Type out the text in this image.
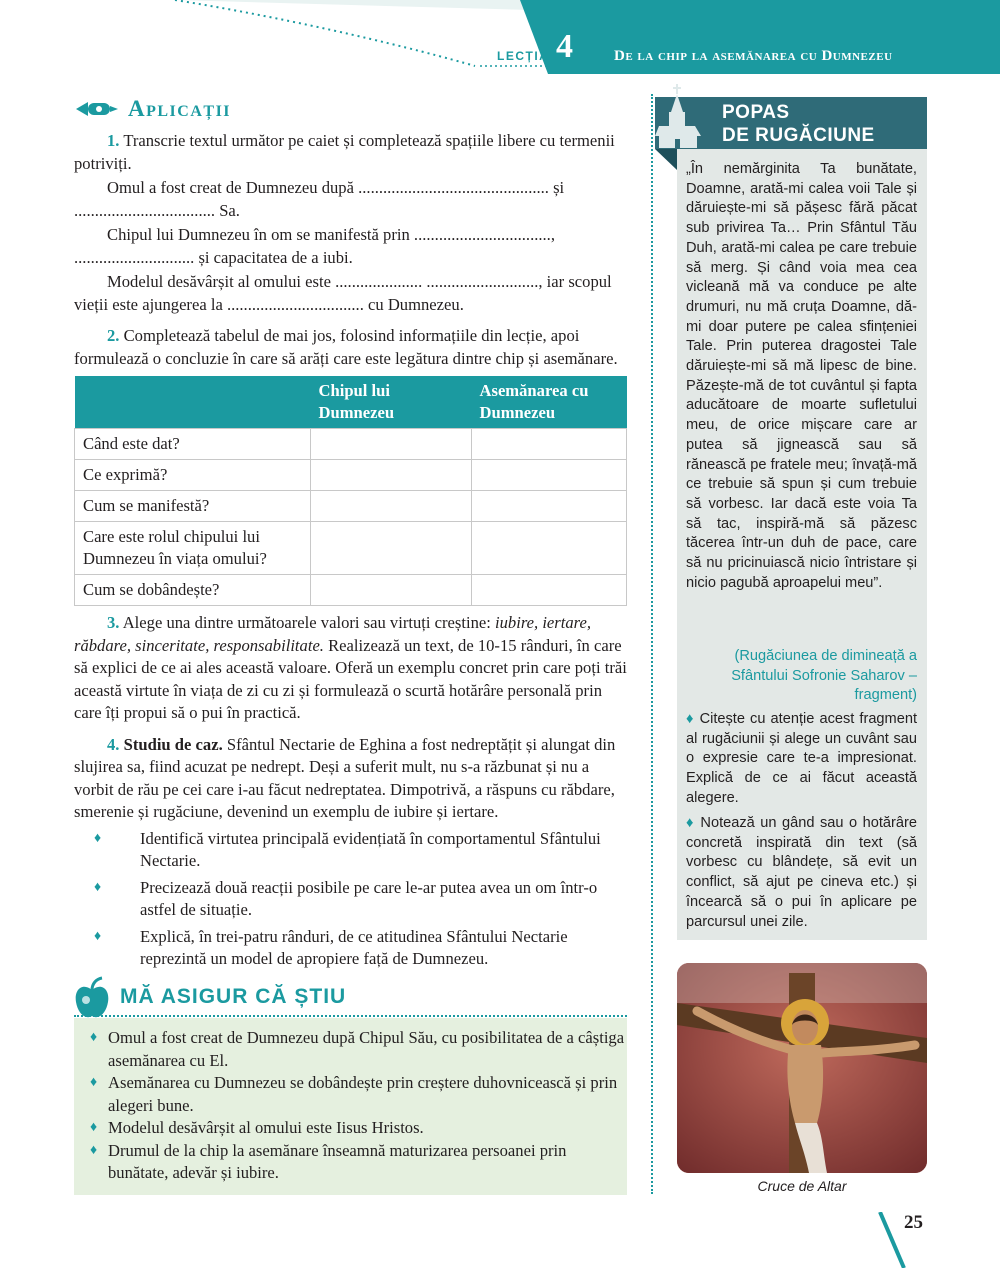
LECȚIA 4	De la chip la asemănarea cu Dumnezeu
Aplicații

1. Transcrie textul următor pe caiet și completează spațiile libere cu termenii potriviți.

Omul a fost creat de Dumnezeu după .............................................. și .................................. Sa.

Chipul lui Dumnezeu în om se manifestă prin ................................., ............................. și capacitatea de a iubi.

Modelul desăvârșit al omului este ..................... ..........................., iar scopul vieții este ajungerea la ................................. cu Dumnezeu.

2. Completează tabelul de mai jos, folosind informațiile din lecție, apoi formulează o concluzie în care să arăți care este legătura dintre chip și asemănare.

	Chipul lui Dumnezeu	Asemănarea cu Dumnezeu
Când este dat?		
Ce exprimă?		
Cum se manifestă?		
Care este rolul chipului lui Dumnezeu în viața omului?		
Cum se dobândește?		

3. Alege una dintre următoarele valori sau virtuți creștine: iubire, iertare, răbdare, sinceritate, responsabilitate. Realizează un text, de 10-15 rânduri, în care să explici de ce ai ales această valoare. Oferă un exemplu concret prin care poți trăi această virtute în viața de zi cu zi și formulează o scurtă hotărâre personală prin care îți propui să o pui în practică.

4. Studiu de caz. Sfântul Nectarie de Eghina a fost nedreptățit și alungat din slujirea sa, fiind acuzat pe nedrept. Deși a suferit mult, nu s-a răzbunat și nu a vorbit de rău pe cei care i-au făcut nedreptatea. Dimpotrivă, a răspuns cu răbdare, smerenie și rugăciune, devenind un exemplu de iubire și iertare.

♦ Identifică virtutea principală evidențiată în comportamentul Sfântului Nectarie.

♦ Precizează două reacții posibile pe care le-ar putea avea un om într-o astfel de situație.

♦ Explică, în trei-patru rânduri, de ce atitudinea Sfântului Nectarie reprezintă un model de apropiere față de Dumnezeu.

MĂ ASIGUR CĂ ȘTIU

♦ Omul a fost creat de Dumnezeu după Chipul Său, cu posibilitatea de a câștiga asemănarea cu El.

♦ Asemănarea cu Dumnezeu se dobândește prin creștere duhovnicească și prin alegeri bune.

♦ Modelul desăvârșit al omului este Iisus Hristos.

♦ Drumul de la chip la asemănare înseamnă maturizarea persoanei prin bunătate, adevăr și iubire.

POPAS
DE RUGĂCIUNE
„În nemărginita Ta bunătate, Doamne, arată-mi calea voii Tale și dăruiește-mi să pășesc fără păcat sub privirea Ta… Prin Sfântul Tău Duh, arată-mi calea pe care trebuie să merg. Și când voia mea cea vicleană mă va conduce pe alte drumuri, nu mă cruța Doamne, dă-mi doar putere pe calea sfințeniei Tale. Prin puterea dragostei Tale dăruiește-mi să mă lipesc de bine. Păzește-mă de tot cuvântul și fapta aducătoare de moarte sufletului meu, de orice mișcare care ar putea să jignească sau să rănească pe fratele meu; învață-mă ce trebuie să spun și cum trebuie să vorbesc. Iar dacă este voia Ta să tac, inspiră-mă să păzesc tăcerea într-un duh de pace, care să nu pricinuiască nicio întristare și nicio pagubă aproapelui meu”.
(Rugăciunea de dimineață a Sfântului Sofronie Saharov – fragment)
♦ Citește cu atenție acest fragment al rugăciunii și alege un cuvânt sau o expresie care te-a impresionat. Explică de ce ai făcut această alegere.
♦ Notează un gând sau o hotărâre concretă inspirată din text (să vorbesc cu blândețe, să evit un conflict, să ajut pe cineva etc.) și încearcă să o pui în aplicare pe parcursul unei zile.
Cruce de Altar
25
